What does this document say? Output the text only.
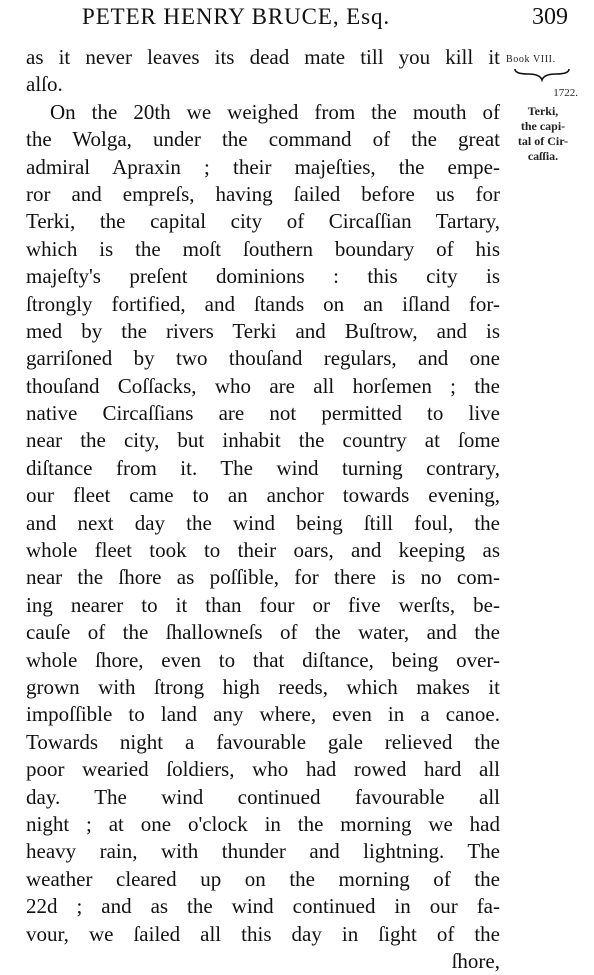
PETER HENRY BRUCE, Esq.	309
Book VIII.
1722.
Terki,
the capi-
tal of Cir-
caſſia.
as it never leaves its dead mate till you kill it
alſo.
On the 20th we weighed from the mouth of
the Wolga, under the command of the great
admiral Apraxin ; their majeſties, the empe-
ror and empreſs, having ſailed before us for
Terki, the capital city of Circaſſian Tartary,
which is the moſt ſouthern boundary of his
majeſty's preſent dominions : this city is
ſtrongly fortified, and ſtands on an iſland for-
med by the rivers Terki and Buſtrow, and is
garriſoned by two thouſand regulars, and one
thouſand Coſſacks, who are all horſemen ; the
native Circaſſians are not permitted to live
near the city, but inhabit the country at ſome
diſtance from it. The wind turning contrary,
our fleet came to an anchor towards evening,
and next day the wind being ſtill foul, the
whole fleet took to their oars, and keeping as
near the ſhore as poſſible, for there is no com-
ing nearer to it than four or five werſts, be-
cauſe of the ſhallowneſs of the water, and the
whole ſhore, even to that diſtance, being over-
grown with ſtrong high reeds, which makes it
impoſſible to land any where, even in a canoe.
Towards night a favourable gale relieved the
poor wearied ſoldiers, who had rowed hard all
day. The wind continued favourable all
night ; at one o'clock in the morning we had
heavy rain, with thunder and lightning. The
weather cleared up on the morning of the
22d ; and as the wind continued in our fa-
vour, we ſailed all this day in ſight of the
ſhore,
